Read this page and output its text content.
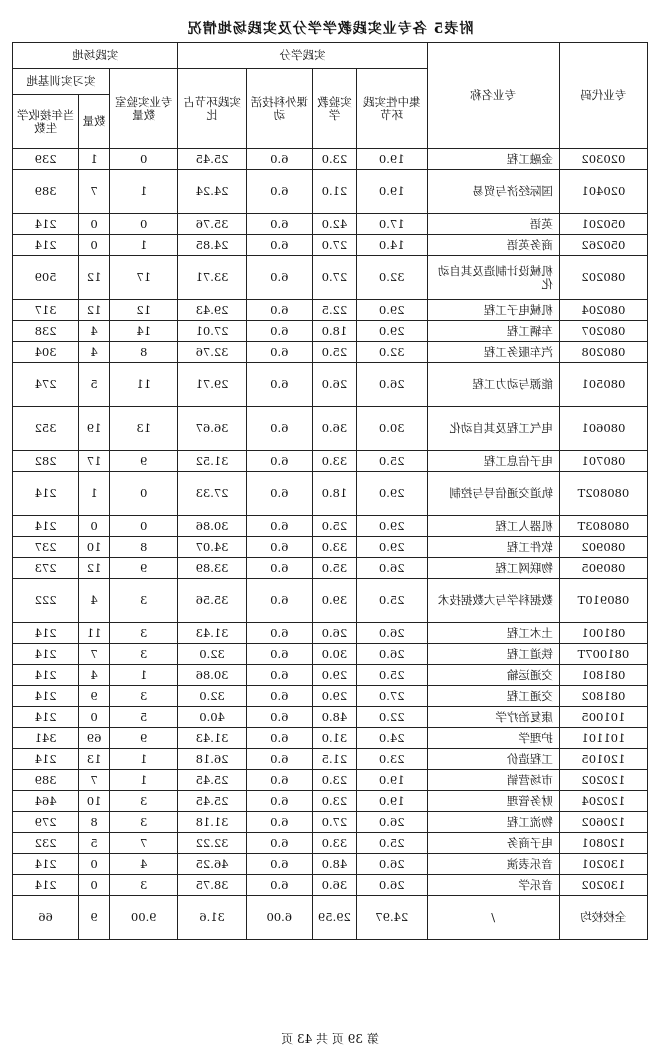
附表5 各专业实践教学学分及实践场地情况
专业代码	专业名称	实践学分				实践场地		
		集中性实践环节	实验教学	课外科技活动	实践环节占比	专业实验室数量	实习实训基地	
							数量	当年接收学生数
020302	金融工程	19.0	23.0	6.0	25.45	0	1	239
020401	国际经济与贸易	19.0	21.0	6.0	24.24	1	7	389
050201	英语	17.0	42.0	6.0	35.76	0	0	214
050262	商务英语	14.0	27.0	6.0	24.85	1	0	214
080202	机械设计制造及其自动化	32.0	27.0	6.0	33.71	17	12	509
080204	机械电子工程	29.0	22.5	6.0	29.43	12	12	317
080207	车辆工程	29.0	18.0	6.0	27.01	14	4	238
080208	汽车服务工程	32.0	25.0	6.0	32.76	8	4	304
080501	能源与动力工程	26.0	26.0	6.0	29.71	11	5	274
080601	电气工程及其自动化	30.0	36.0	6.0	36.67	13	19	352
080701	电子信息工程	25.0	33.0	6.0	31.52	9	17	282
080802T	轨道交通信号与控制	29.0	18.0	6.0	27.33	0	1	214
080803T	机器人工程	29.0	25.0	6.0	30.86	0	0	214
080902	软件工程	29.0	33.0	6.0	34.07	8	10	237
080905	物联网工程	26.0	35.0	6.0	33.89	9	12	273
080910T	数据科学与大数据技术	25.0	39.0	6.0	35.56	3	4	222
081001	土木工程	26.0	26.0	6.0	31.43	3	11	214
081007T	铁道工程	26.0	30.0	6.0	32.0	3	7	214
081801	交通运输	25.0	29.0	6.0	30.86	1	4	214
081802	交通工程	27.0	29.0	6.0	32.0	3	9	214
101005	康复治疗学	22.0	48.0	6.0	40.0	5	0	214
101101	护理学	24.0	31.0	6.0	31.43	9	69	341
120105	工程造价	23.0	21.5	6.0	26.18	1	13	214
120202	市场营销	19.0	23.0	6.0	25.45	1	7	389
120204	财务管理	19.0	23.0	6.0	25.45	3	10	464
120602	物流工程	26.0	27.0	6.0	31.18	3	8	279
120801	电子商务	25.0	33.0	6.0	32.22	7	5	232
130201	音乐表演	26.0	48.0	6.0	46.25	4	0	214
130202	音乐学	26.0	36.0	6.0	38.75	3	0	214
全校校均	/	24.97	29.59	6.00	31.6	9.00	9	66
第 39 页 共 43 页
